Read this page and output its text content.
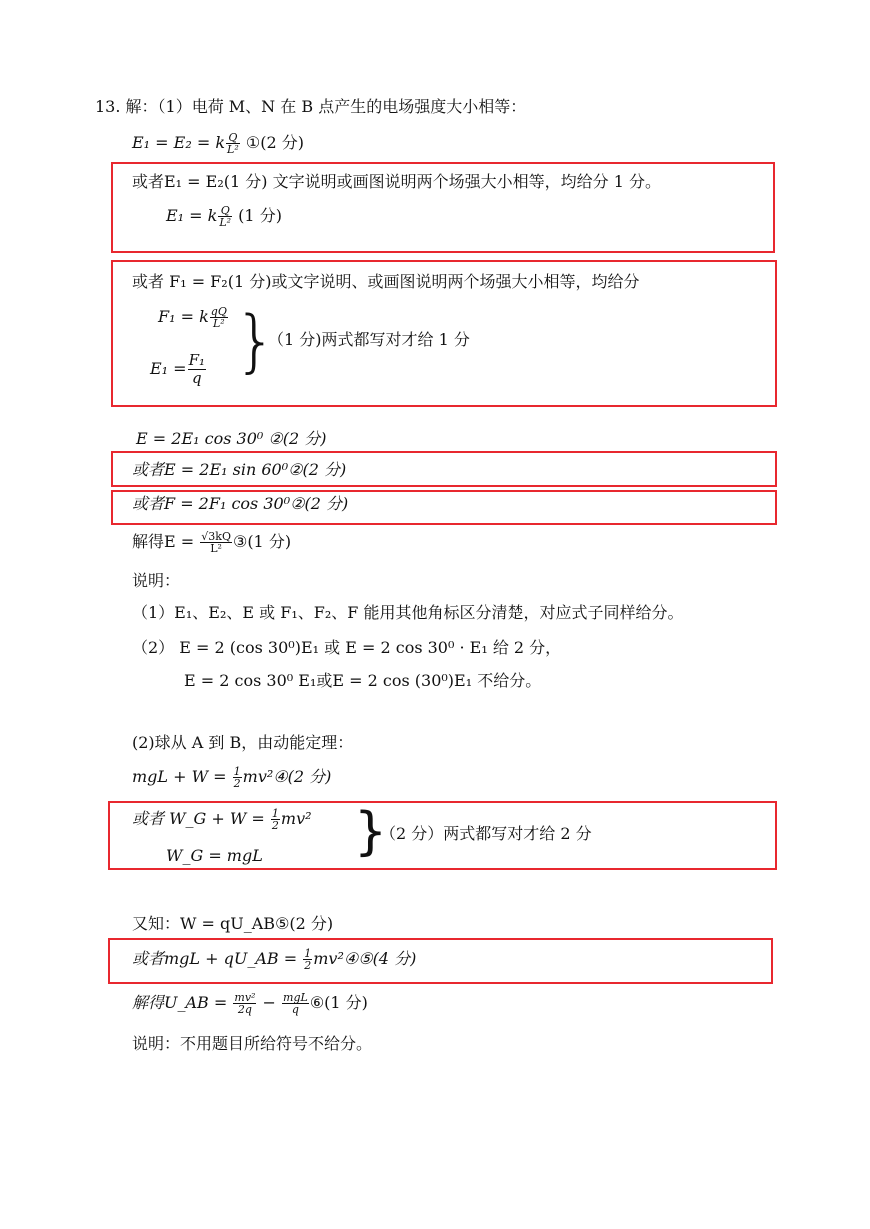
13. 解：（1）电荷 M、N 在 B 点产生的电场强度大小相等：
E₁ = E₂ = k $\frac{Q}{\text{L²}}$ ①(2 分)
或者E₁ = E₂(1 分) 文字说明或画图说明两个场强大小相等，均给分 1 分。
E₁ = k $\frac{Q}{\text{L²}} (1$ 分)
或者 F₁ = F₂(1 分)或文字说明、或画图说明两个场强大小相等，均给分
F₁ = k $\frac{qQ}{\text{L²}}$
$E_1 = \frac{\text{F₁}}{q}$ }
（1 分)两式都写对才给 1 分
E = 2E₁ cos 30⁰ ②(2 分)
或者E = 2E₁ sin 60⁰②(2 分)
或者F = 2F₁ cos 30⁰②(2 分)
解得$E = \frac{√3kQ}{\text{L²}}$ ③(1 分)
说明：
（1）E₁、E₂、E 或 F₁、F₂、F 能用其他角标区分清楚，对应式子同样给分。
（2） E = 2 (cos 30⁰)E₁ 或 E = 2 cos 30⁰ · E₁ 给 2 分，
E = 2 cos 30⁰ E₁或E = 2 cos (30⁰)E₁ 不给分。
(2)球从 A 到 B，由动能定理：
mgL + $W = \frac{1}{2}$ mv²④(2 分)
或者 W_G + $W = \frac{1}{2} mv^2$
W_G = mgL }
（2 分）两式都写对才给 2 分
又知：W = qU_AB⑤(2 分)
或者mgL + qU_AB = $\frac{1}{2}$ mv²④⑤(4 分)
解得U_AB = $\frac{\text{mv²}}{2q} - \frac{\text{mgL}}{q}$ ⑥(1 分)
说明：不用题目所给符号不给分。
